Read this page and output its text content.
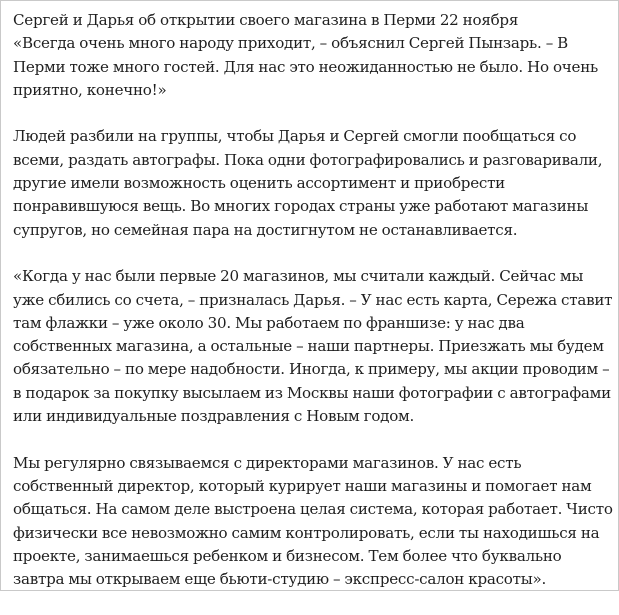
Сергей и Дарья об открытии своего магазина в Перми 22 ноября

«Всегда очень много народу приходит, – объяснил Сергей Пынзарь. – В Перми тоже много гостей. Для нас это неожиданностью не было. Но очень приятно, конечно!»

Людей разбили на группы, чтобы Дарья и Сергей смогли пообщаться со всеми, раздать автографы. Пока одни фотографировались и разговаривали, другие имели возможность оценить ассортимент и приобрести понравившуюся вещь. Во многих городах страны уже работают магазины супругов, но семейная пара на достигнутом не останавливается.

«Когда у нас были первые 20 магазинов, мы считали каждый. Сейчас мы уже сбились со счета, – призналась Дарья. – У нас есть карта, Сережа ставит там флажки – уже около 30. Мы работаем по франшизе: у нас два собственных магазина, а остальные – наши партнеры. Приезжать мы будем обязательно – по мере надобности. Иногда, к примеру, мы акции проводим – в подарок за покупку высылаем из Москвы наши фотографии с автографами или индивидуальные поздравления с Новым годом.

Мы регулярно связываемся с директорами магазинов. У нас есть собственный директор, который курирует наши магазины и помогает нам общаться. На самом деле выстроена целая система, которая работает. Чисто физически все невозможно самим контролировать, если ты находишься на проекте, занимаешься ребенком и бизнесом. Тем более что буквально завтра мы открываем еще бьюти-студию – экспресс-салон красоты».
